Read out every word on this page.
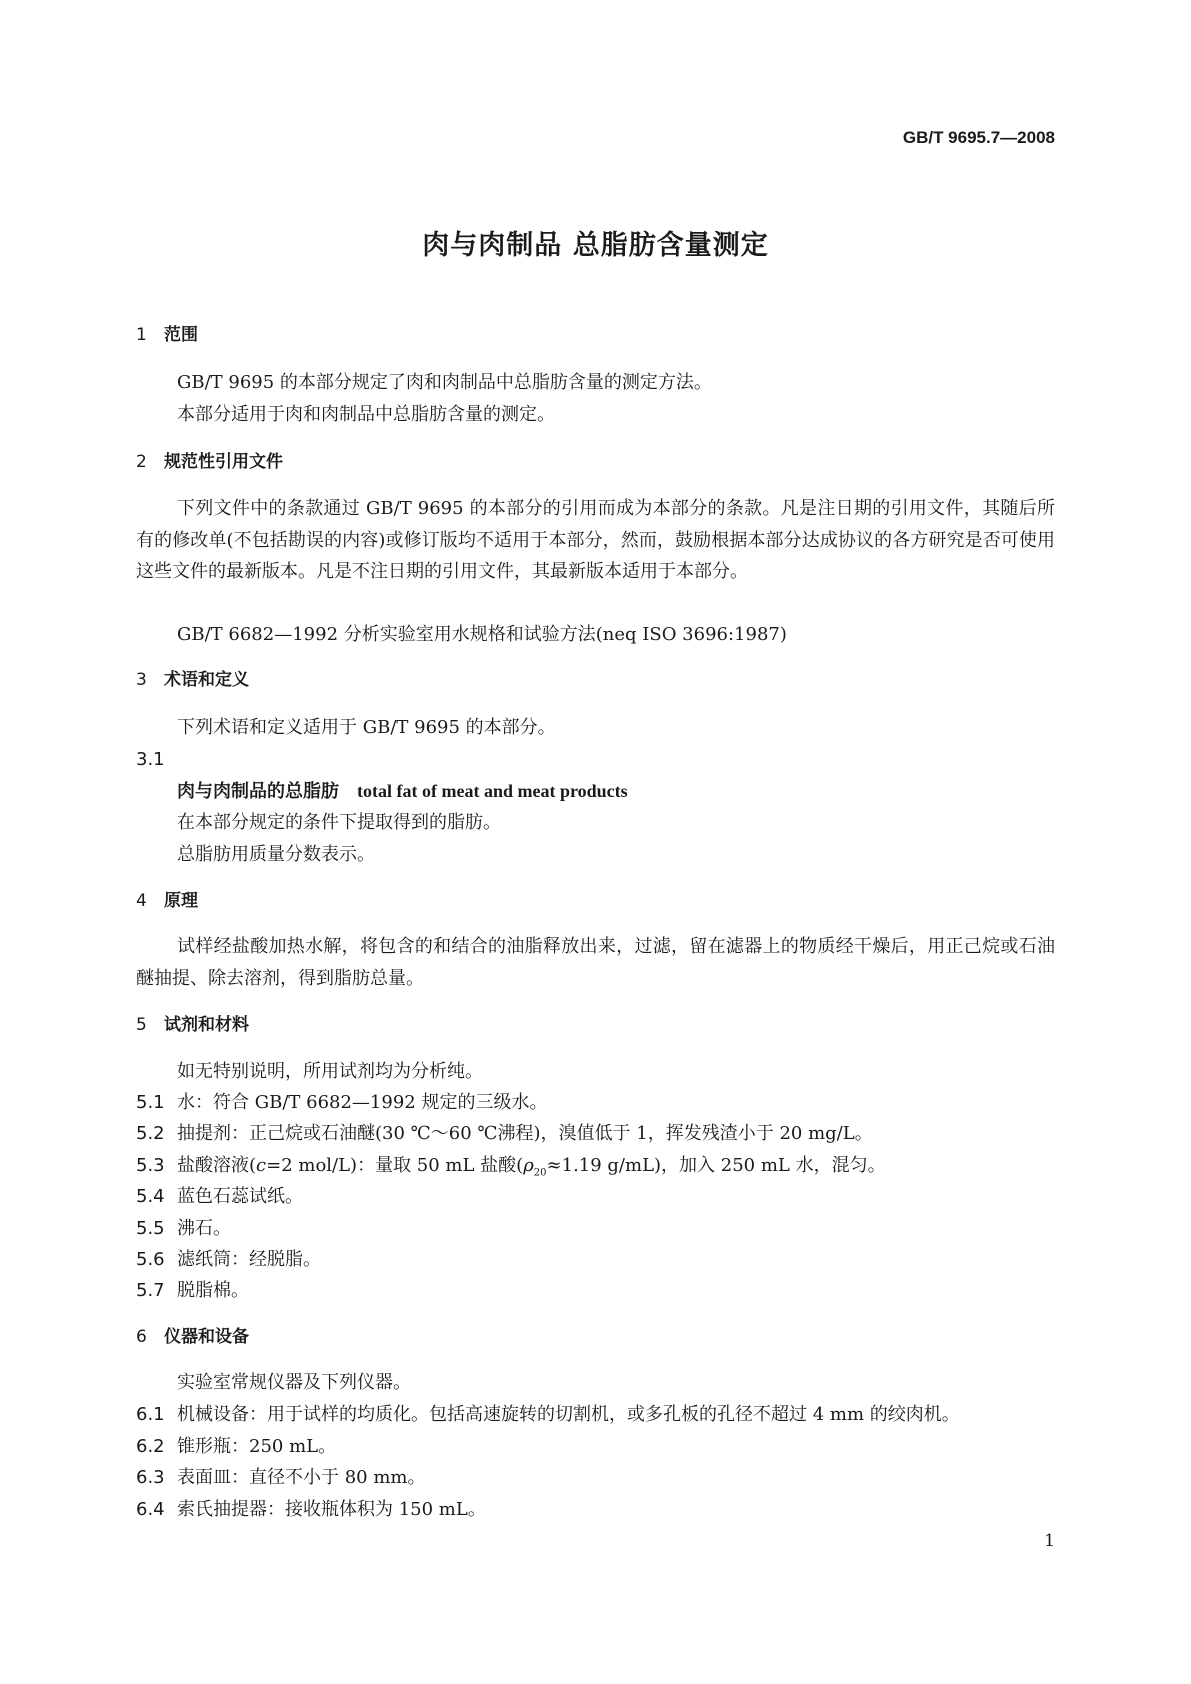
GB/T 9695.7—2008
肉与肉制品 总脂肪含量测定
1 范围
GB/T 9695 的本部分规定了肉和肉制品中总脂肪含量的测定方法。
本部分适用于肉和肉制品中总脂肪含量的测定。
2 规范性引用文件
下列文件中的条款通过 GB/T 9695 的本部分的引用而成为本部分的条款。凡是注日期的引用文件，其随后所有的修改单(不包括勘误的内容)或修订版均不适用于本部分，然而，鼓励根据本部分达成协议的各方研究是否可使用这些文件的最新版本。凡是不注日期的引用文件，其最新版本适用于本部分。
GB/T 6682—1992 分析实验室用水规格和试验方法(neq ISO 3696:1987)
3 术语和定义
下列术语和定义适用于 GB/T 9695 的本部分。
3.1
肉与肉制品的总脂肪 total fat of meat and meat products
在本部分规定的条件下提取得到的脂肪。
总脂肪用质量分数表示。
4 原理
试样经盐酸加热水解，将包含的和结合的油脂释放出来，过滤，留在滤器上的物质经干燥后，用正己烷或石油醚抽提、除去溶剂，得到脂肪总量。
5 试剂和材料
如无特别说明，所用试剂均为分析纯。
5.1 水：符合 GB/T 6682—1992 规定的三级水。
5.2 抽提剂：正己烷或石油醚(30 ℃～60 ℃沸程)，溴值低于 1，挥发残渣小于 20 mg/L。
5.3 盐酸溶液(c=2 mol/L)：量取 50 mL 盐酸($\rho_{20}\approx 1.19$ g/mL)，加入 250 mL 水，混匀。
5.4 蓝色石蕊试纸。
5.5 沸石。
5.6 滤纸筒：经脱脂。
5.7 脱脂棉。
6 仪器和设备
实验室常规仪器及下列仪器。
6.1 机械设备：用于试样的均质化。包括高速旋转的切割机，或多孔板的孔径不超过 4 mm 的绞肉机。
6.2 锥形瓶：250 mL。
6.3 表面皿：直径不小于 80 mm。
6.4 索氏抽提器：接收瓶体积为 150 mL。
1
